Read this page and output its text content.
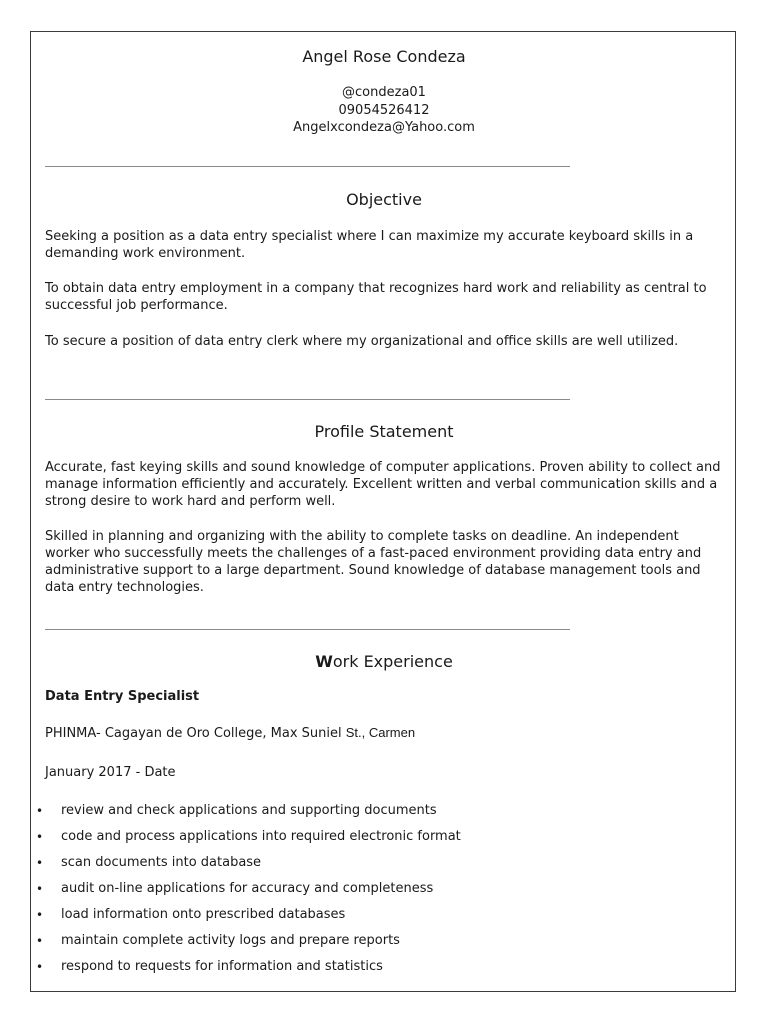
Angel Rose Condeza
@condeza01
09054526412
Angelxcondeza@Yahoo.com
Objective
Seeking a position as a data entry specialist where I can maximize my accurate keyboard skills in a demanding work environment.
To obtain data entry employment in a company that recognizes hard work and reliability as central to successful job performance.
To secure a position of data entry clerk where my organizational and office skills are well utilized.
Profile Statement
Accurate, fast keying skills and sound knowledge of computer applications. Proven ability to collect and manage information efficiently and accurately. Excellent written and verbal communication skills and a strong desire to work hard and perform well.
Skilled in planning and organizing with the ability to complete tasks on deadline. An independent worker who successfully meets the challenges of a fast-paced environment providing data entry and administrative support to a large department. Sound knowledge of database management tools and data entry technologies.
Work Experience
Data Entry Specialist
PHINMA- Cagayan de Oro College, Max Suniel St., Carmen
January 2017 - Date
• review and check applications and supporting documents
• code and process applications into required electronic format
• scan documents into database
• audit on-line applications for accuracy and completeness
• load information onto prescribed databases
• maintain complete activity logs and prepare reports
• respond to requests for information and statistics
